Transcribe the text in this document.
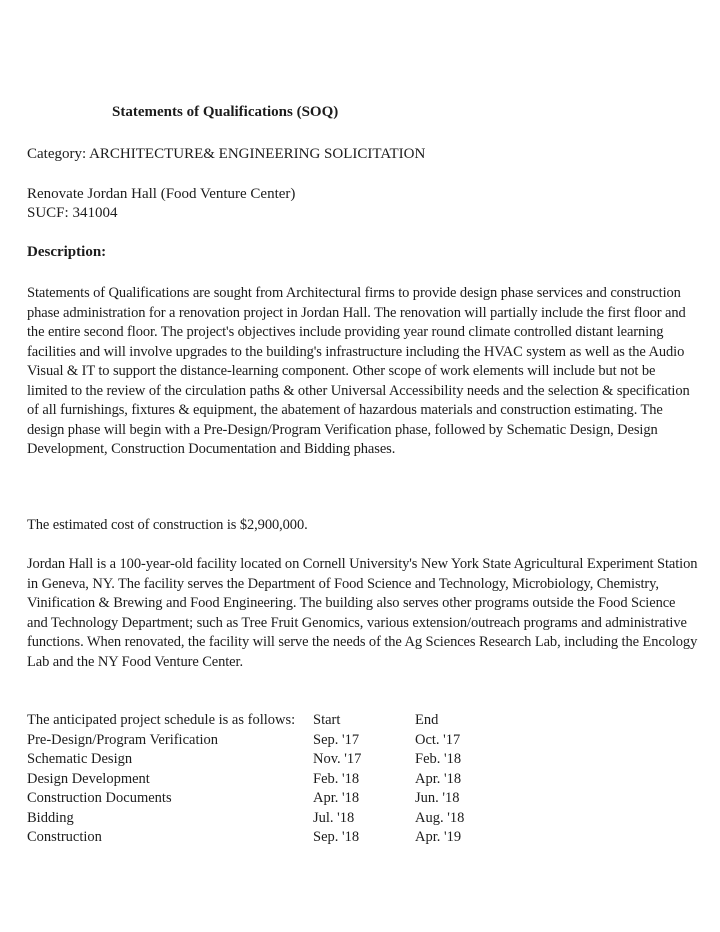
Statements of Qualifications (SOQ)

Category: ARCHITECTURE& ENGINEERING SOLICITATION

Renovate Jordan Hall (Food Venture Center)
SUCF: 341004

Description:

Statements of Qualifications are sought from Architectural firms to provide design phase services and construction phase administration for a renovation project in Jordan Hall. The renovation will partially include the first floor and the entire second floor. The project's objectives include providing year round climate controlled distant learning facilities and will involve upgrades to the building's infrastructure including the HVAC system as well as the Audio Visual & IT to support the distance-learning component. Other scope of work elements will include but not be limited to the review of the circulation paths & other Universal Accessibility needs and the selection & specification of all furnishings, fixtures & equipment, the abatement of hazardous materials and construction estimating. The design phase will begin with a Pre-Design/Program Verification phase, followed by Schematic Design, Design Development, Construction Documentation and Bidding phases.

The estimated cost of construction is $2,900,000.

Jordan Hall is a 100-year-old facility located on Cornell University's New York State Agricultural Experiment Station in Geneva, NY. The facility serves the Department of Food Science and Technology, Microbiology, Chemistry, Vinification & Brewing and Food Engineering. The building also serves other programs outside the Food Science and Technology Department; such as Tree Fruit Genomics, various extension/outreach programs and administrative functions. When renovated, the facility will serve the needs of the Ag Sciences Research Lab, including the Encology Lab and the NY Food Venture Center.

The anticipated project schedule is as follows: Start	End
Pre-Design/Program Verification	Sep. '17	Oct. '17
Schematic Design	Nov. '17	Feb. '18
Design Development	Feb. '18	Apr. '18
Construction Documents	Apr. '18	Jun. '18
Bidding	Jul. '18	Aug. '18
Construction	Sep. '18	Apr. '19
